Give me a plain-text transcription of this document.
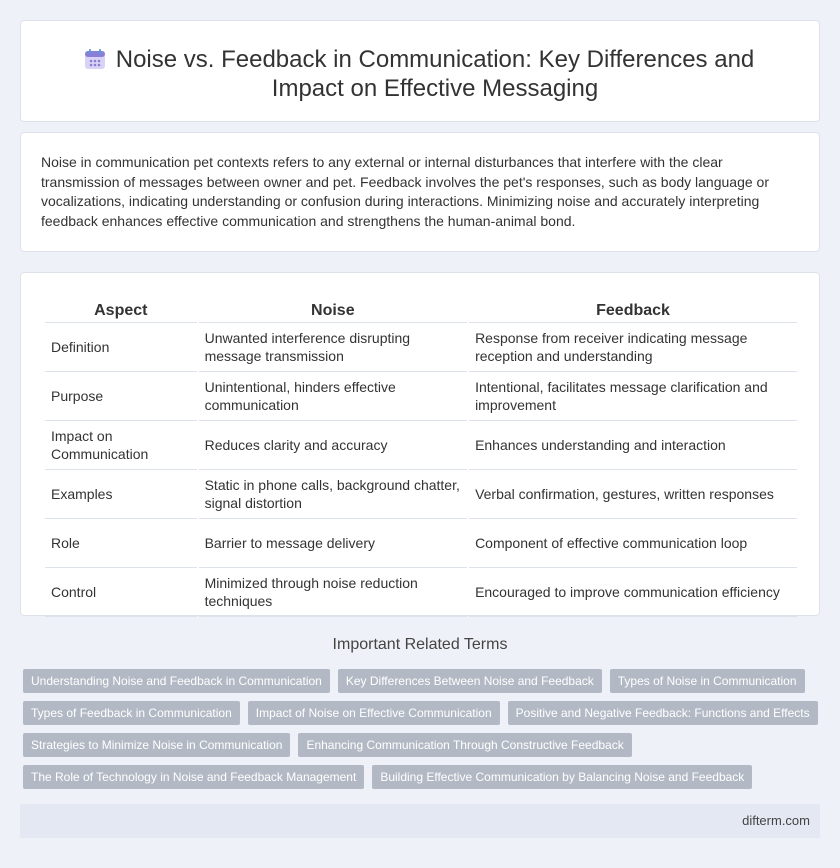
Noise vs. Feedback in Communication: Key Differences and Impact on Effective Messaging

Noise in communication pet contexts refers to any external or internal disturbances that interfere with the clear transmission of messages between owner and pet. Feedback involves the pet's responses, such as body language or vocalizations, indicating understanding or confusion during interactions. Minimizing noise and accurately interpreting feedback enhances effective communication and strengthens the human-animal bond.

Aspect	Noise	Feedback
Definition	Unwanted interference disrupting message transmission	Response from receiver indicating message reception and understanding
Purpose	Unintentional, hinders effective communication	Intentional, facilitates message clarification and improvement
Impact on Communication	Reduces clarity and accuracy	Enhances understanding and interaction
Examples	Static in phone calls, background chatter, signal distortion	Verbal confirmation, gestures, written responses
Role	Barrier to message delivery	Component of effective communication loop
Control	Minimized through noise reduction techniques	Encouraged to improve communication efficiency
Important Related Terms
Understanding Noise and Feedback in Communication	Key Differences Between Noise and Feedback	Types of Noise in Communication
Types of Feedback in Communication	Impact of Noise on Effective Communication	Positive and Negative Feedback: Functions and Effects
Strategies to Minimize Noise in Communication	Enhancing Communication Through Constructive Feedback
The Role of Technology in Noise and Feedback Management	Building Effective Communication by Balancing Noise and Feedback
difterm.com
